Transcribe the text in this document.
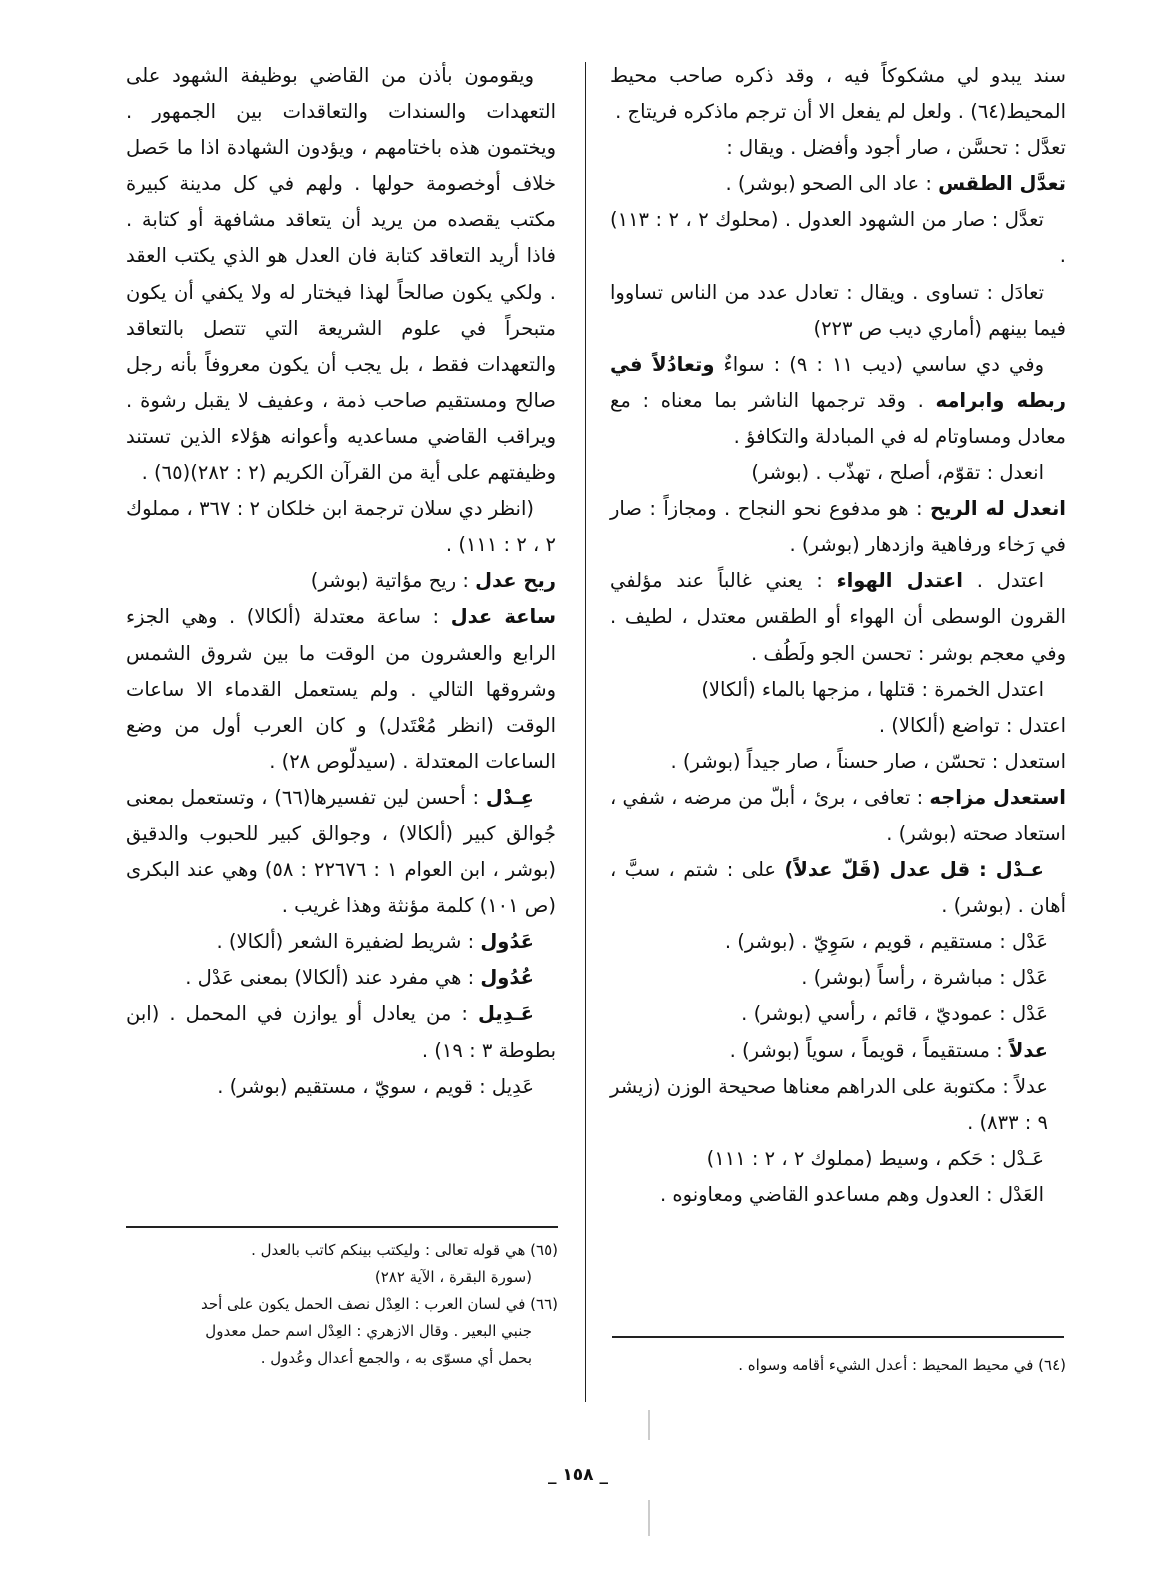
سند يبدو لي مشكوكاً فيه ، وقد ذكره صاحب محيط المحيط(٦٤) . ولعل لم يفعل الا أن ترجم ماذكره فريتاج .

تعدَّل : تحسَّن ، صار أجود وأفضل . ويقال :

تعدَّل الطقس : عاد الى الصحو (بوشر) .

تعدَّل : صار من الشهود العدول . (محلوك ٢ ، ٢ : ١١٣) .

تعادَل : تساوى . ويقال : تعادل عدد من الناس تساووا فيما بينهم (أماري ديب ص ٢٢٣)

وفي دي ساسي (ديب ١١ : ٩) : سواءٌ وتعادُلاً في ربطه وابرامه . وقد ترجمها الناشر بما معناه : مع معادل ومساوتام له في المبادلة والتكافؤ .

انعدل : تقوّم، أصلح ، تهذّب . (بوشر)

انعدل له الريح : هو مدفوع نحو النجاح . ومجازاً : صار في رَخاء ورفاهية وازدهار (بوشر) .

اعتدل . اعتدل الهواء : يعني غالباً عند مؤلفي القرون الوسطى أن الهواء أو الطقس معتدل ، لطيف . وفي معجم بوشر : تحسن الجو ولَطُف .

اعتدل الخمرة : قتلها ، مزجها بالماء (ألكالا)

اعتدل : تواضع (ألكالا) .

استعدل : تحسّن ، صار حسناً ، صار جيداً (بوشر) .

استعدل مزاجه : تعافى ، برئ ، أبلّ من مرضه ، شفي ، استعاد صحته (بوشر) .

عـدْل : قل عدل (قَلّ عدلاً) على : شتم ، سبَّ ، أهان . (بوشر) .

عَدْل : مستقيم ، قويم ، سَوِيّ . (بوشر) .

عَدْل : مباشرة ، رأساً (بوشر) .

عَدْل : عموديّ ، قائم ، رأسي (بوشر) .

عدلاً : مستقيماً ، قويماً ، سوياً (بوشر) .

عدلاً : مكتوبة على الدراهم معناها صحيحة الوزن (زيشر ٩ : ٨٣٣) .

عَـدْل : حَكم ، وسيط (مملوك ٢ ، ٢ : ١١١)

العَدْل : العدول وهم مساعدو القاضي ومعاونوه .

ويقومون بأذن من القاضي بوظيفة الشهود على التعهدات والسندات والتعاقدات بين الجمهور . ويختمون هذه باختامهم ، ويؤدون الشهادة اذا ما حَصل خلاف أوخصومة حولها . ولهم في كل مدينة كبيرة مكتب يقصده من يريد أن يتعاقد مشافهة أو كتابة . فاذا أريد التعاقد كتابة فان العدل هو الذي يكتب العقد . ولكي يكون صالحاً لهذا فيختار له ولا يكفي أن يكون متبحراً في علوم الشريعة التي تتصل بالتعاقد والتعهدات فقط ، بل يجب أن يكون معروفاً بأنه رجل صالح ومستقيم صاحب ذمة ، وعفيف لا يقبل رشوة . ويراقب القاضي مساعديه وأعوانه هؤلاء الذين تستند وظيفتهم على أية من القرآن الكريم (٢ : ٢٨٢)(٦٥) .

(انظر دي سلان ترجمة ابن خلكان ٢ : ٣٦٧ ، مملوك ٢ ، ٢ : ١١١) .

ريح عدل : ريح مؤاتية (بوشر)

ساعة عدل : ساعة معتدلة (ألكالا) . وهي الجزء الرابع والعشرون من الوقت ما بين شروق الشمس وشروقها التالي . ولم يستعمل القدماء الا ساعات الوقت (انظر مُعْتَدل) و كان العرب أول من وضع الساعات المعتدلة . (سيدلّوص ٢٨) .

عِـدْل : أحسن لين تفسيرها(٦٦) ، وتستعمل بمعنى جُوالق كبير (ألكالا) ، وجوالق كبير للحبوب والدقيق (بوشر ، ابن العوام ١ : ٢٢٦٧٦ : ٥٨) وهي عند البكرى (ص ١٠١) كلمة مؤنثة وهذا غريب .

عَدُول : شريط لضفيرة الشعر (ألكالا) .

عُدُول : هي مفرد عند (ألكالا) بمعنى عَدْل .

عَـدِيل : من يعادل أو يوازن في المحمل . (ابن بطوطة ٣ : ١٩) .

عَدِيل : قويم ، سويّ ، مستقيم (بوشر) .

(٦٥) هي قوله تعالى : وليكتب بينكم كاتب بالعدل .

(سورة البقرة ، الآية ٢٨٢)

(٦٦) في لسان العرب : العِدْل نصف الحمل يكون على أحد

جنبي البعير . وقال الازهري : العِدْل اسم حمل معدول

بحمل أي مسوّى به ، والجمع أعدال وعُدول .	(٦٤) في محيط المحيط : أعدل الشيء أقامه وسواه .

_ ١٥٨ _
